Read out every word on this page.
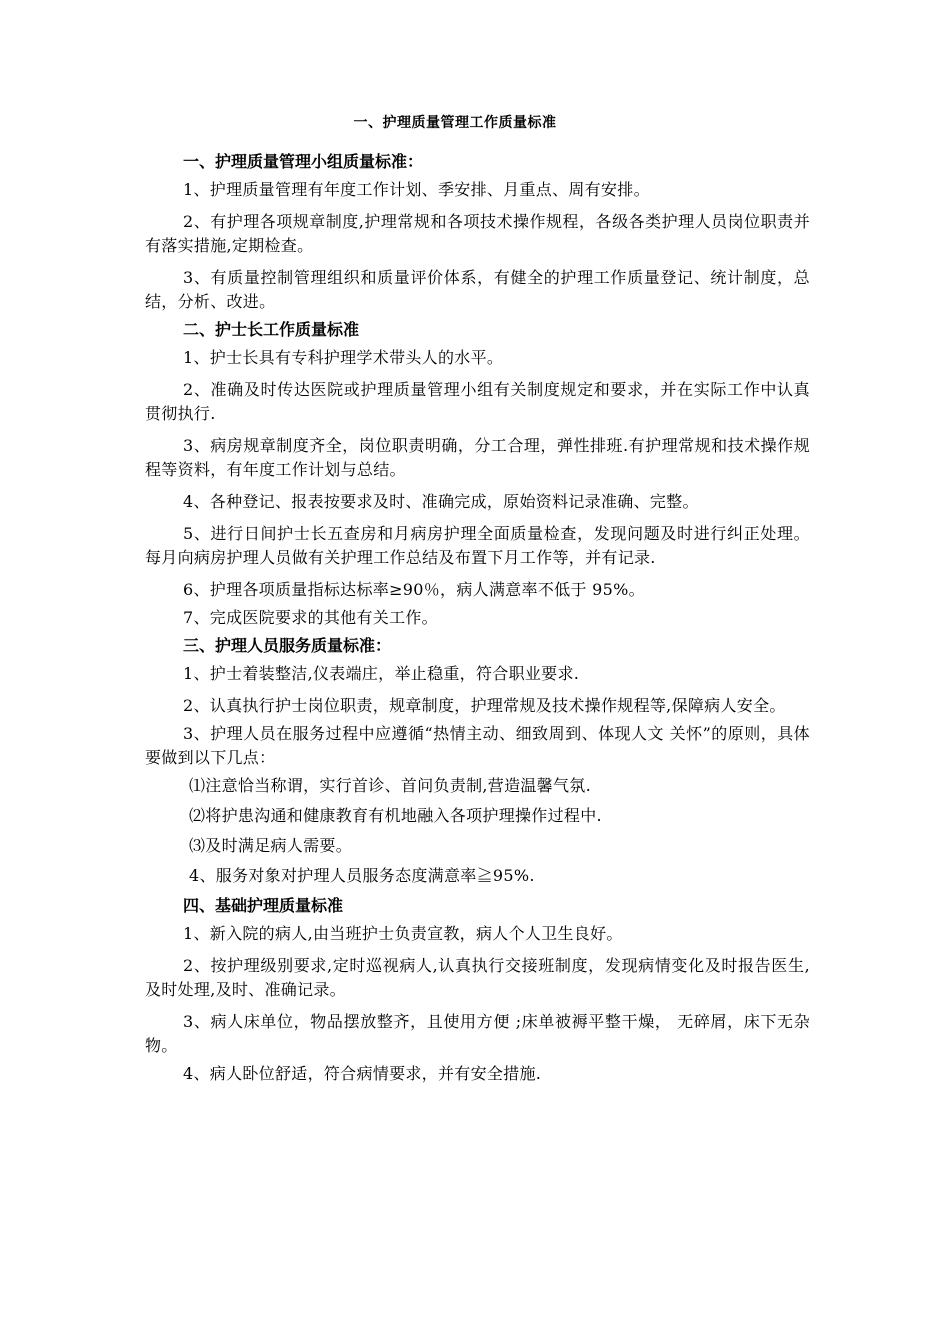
一、护理质量管理工作质量标准
一、护理质量管理小组质量标准：
1、护理质量管理有年度工作计划、季安排、月重点、周有安排。
2、有护理各项规章制度,护理常规和各项技术操作规程，各级各类护理人员岗位职责并有落实措施,定期检查。
3、有质量控制管理组织和质量评价体系，有健全的护理工作质量登记、统计制度，总结，分析、改进。
二、护士长工作质量标准
1、护士长具有专科护理学术带头人的水平。
2、准确及时传达医院或护理质量管理小组有关制度规定和要求，并在实际工作中认真贯彻执行.
3、病房规章制度齐全，岗位职责明确，分工合理，弹性排班.有护理常规和技术操作规程等资料，有年度工作计划与总结。
4、各种登记、报表按要求及时、准确完成，原始资料记录准确、完整。
5、进行日间护士长五查房和月病房护理全面质量检查，发现问题及时进行纠正处理。每月向病房护理人员做有关护理工作总结及布置下月工作等，并有记录.
6、护理各项质量指标达标率≥90％，病人满意率不低于 95%。
7、完成医院要求的其他有关工作。
三、护理人员服务质量标准：
1、护士着装整洁,仪表端庄，举止稳重，符合职业要求.
2、认真执行护士岗位职责，规章制度，护理常规及技术操作规程等,保障病人安全。
3、护理人员在服务过程中应遵循“热情主动、细致周到、体现人文 关怀”的原则，具体要做到以下几点：
⑴注意恰当称谓，实行首诊、首问负责制,营造温馨气氛.
⑵将护患沟通和健康教育有机地融入各项护理操作过程中.
⑶及时满足病人需要。
4、服务对象对护理人员服务态度满意率≧95%.
四、基础护理质量标准
1、新入院的病人,由当班护士负责宣教，病人个人卫生良好。
2、按护理级别要求,定时巡视病人,认真执行交接班制度，发现病情变化及时报告医生,及时处理,及时、准确记录。
3、病人床单位，物品摆放整齐，且使用方便 ;床单被褥平整干燥， 无碎屑，床下无杂物。
4、病人卧位舒适，符合病情要求，并有安全措施.
